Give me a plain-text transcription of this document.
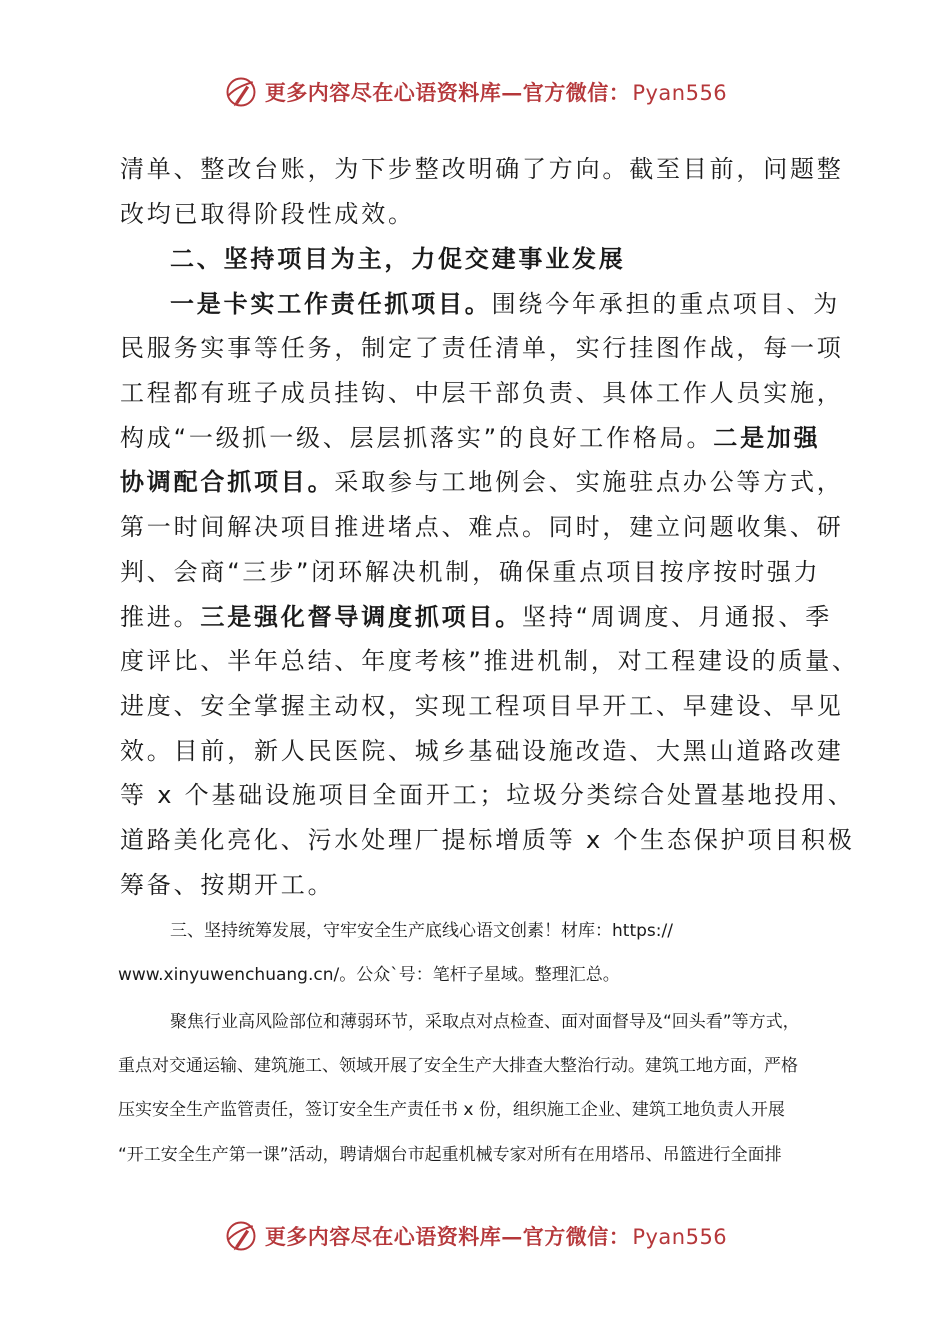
更多内容尽在心语资料库—官方微信：Pyan556
清单、整改台账，为下步整改明确了方向。截至目前，问题整
改均已取得阶段性成效。
二、坚持项目为主，力促交建事业发展
一是卡实工作责任抓项目。围绕今年承担的重点项目、为
民服务实事等任务，制定了责任清单，实行挂图作战，每一项
工程都有班子成员挂钩、中层干部负责、具体工作人员实施，
构成“一级抓一级、层层抓落实”的良好工作格局。二是加强
协调配合抓项目。采取参与工地例会、实施驻点办公等方式，
第一时间解决项目推进堵点、难点。同时，建立问题收集、研
判、会商“三步”闭环解决机制，确保重点项目按序按时强力
推进。三是强化督导调度抓项目。坚持“周调度、月通报、季
度评比、半年总结、年度考核”推进机制，对工程建设的质量、
进度、安全掌握主动权，实现工程项目早开工、早建设、早见
效。目前，新人民医院、城乡基础设施改造、大黑山道路改建
等 x 个基础设施项目全面开工；垃圾分类综合处置基地投用、
道路美化亮化、污水处理厂提标增质等 x 个生态保护项目积极
筹备、按期开工。
三、坚持统筹发展，守牢安全生产底线心语文创素！材库：https://
www.xinyuwenchuang.cn/。公众`号：笔杆子星域。整理汇总。
聚焦行业高风险部位和薄弱环节，采取点对点检查、面对面督导及“回头看”等方式，
重点对交通运输、建筑施工、领域开展了安全生产大排查大整治行动。建筑工地方面，严格
压实安全生产监管责任，签订安全生产责任书 x 份，组织施工企业、建筑工地负责人开展
“开工安全生产第一课”活动，聘请烟台市起重机械专家对所有在用塔吊、吊篮进行全面排
更多内容尽在心语资料库—官方微信：Pyan556
